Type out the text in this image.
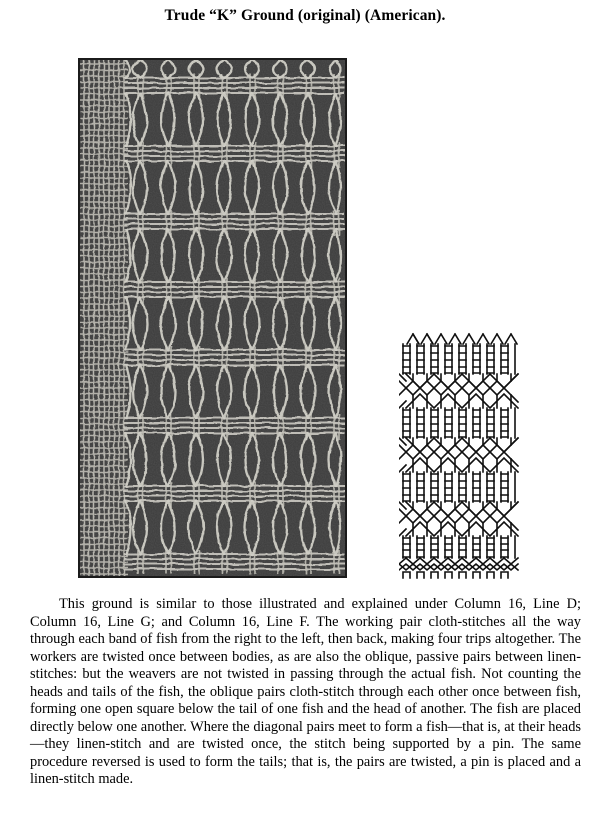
Trude “K” Ground (original) (American).

This ground is similar to those illustrated and explained under Column 16, Line D; Column 16, Line G; and Column 16, Line F. The working pair cloth-stitches all the way through each band of fish from the right to the left, then back, making four trips altogether. The workers are twisted once between bodies, as are also the oblique, passive pairs between linen-stitches: but the weavers are not twisted in passing through the actual fish. Not counting the heads and tails of the fish, the oblique pairs cloth-stitch through each other once between fish, forming one open square below the tail of one fish and the head of another. The fish are placed directly below one another. Where the diagonal pairs meet to form a fish—that is, at their heads—they linen-stitch and are twisted once, the stitch being supported by a pin. The same procedure reversed is used to form the tails; that is, the pairs are twisted, a pin is placed and a linen-stitch made.
